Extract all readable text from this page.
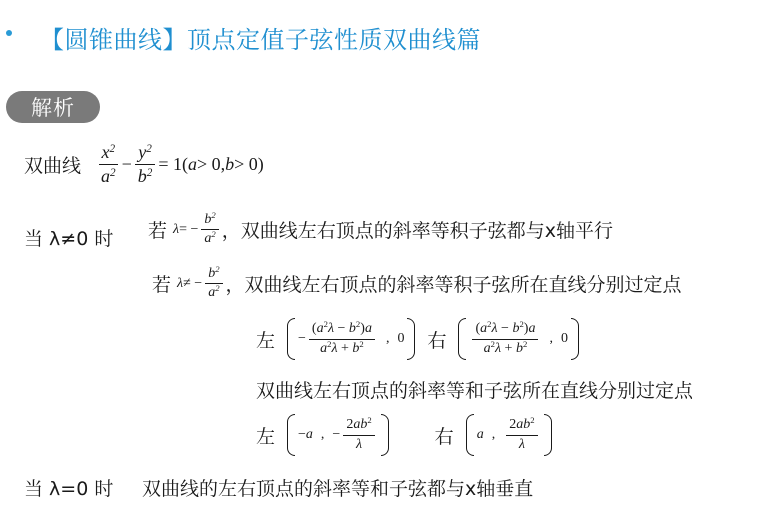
【圆锥曲线】顶点定值子弦性质双曲线篇
解析
双曲线 $\frac{x^2}{a^2} - \frac{y^2}{b^2} = 1$( a > 0, b > 0)
当 λ≠0 时 若 λ = − $\frac{b^2}{a^2}$ ，双曲线左右顶点的斜率等积子弦都与x轴平行
若 λ ≠ − $\frac{b^2}{a^2}$ ，双曲线左右顶点的斜率等积子弦所在直线分别过定点
左 − $\frac{(a^2\lambda - b^2)a}{a^2\lambda + b^2}$ , 0 右 $\frac{(a^2\lambda - b^2)a}{a^2\lambda + b^2}$ , 0
双曲线左右顶点的斜率等和子弦所在直线分别过定点
左 − a , − $\frac{2ab^2}{\lambda}$	右 a , $\frac{2ab^2}{\lambda}$
当 λ=0 时 双曲线的左右顶点的斜率等和子弦都与x轴垂直
